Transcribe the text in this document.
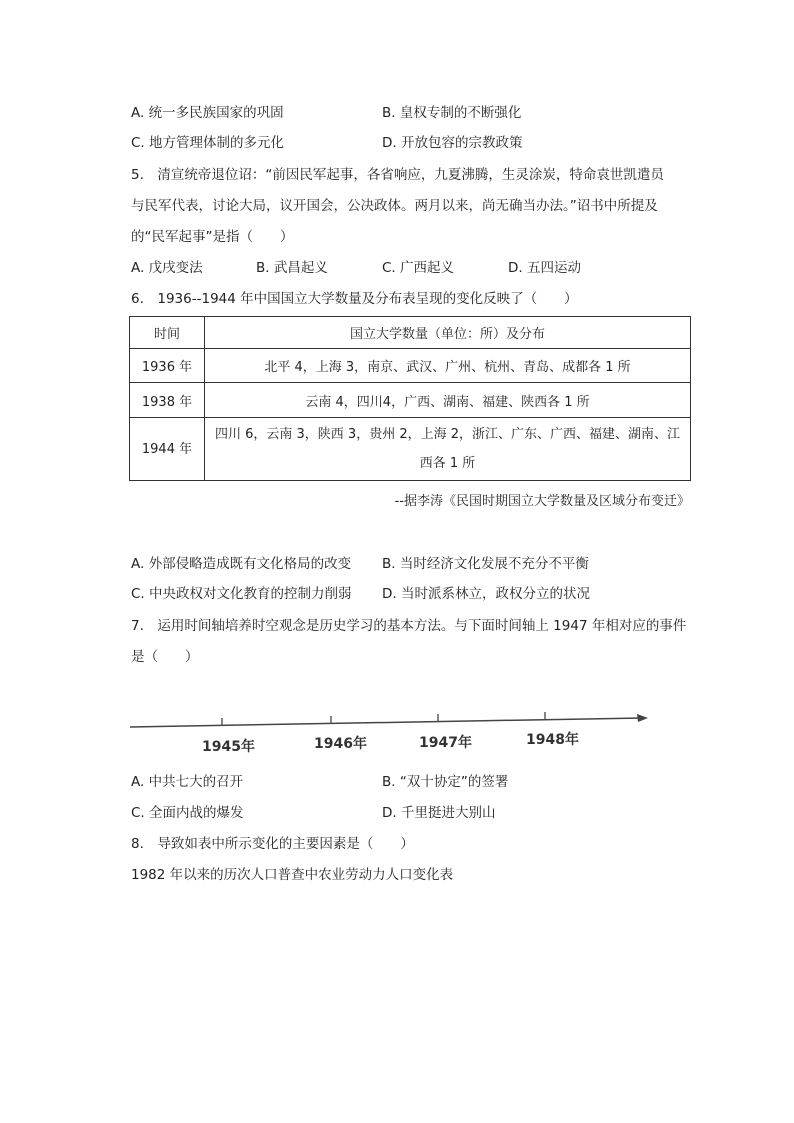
A. 统一多民族国家的巩固	B. 皇权专制的不断强化
C. 地方管理体制的多元化	D. 开放包容的宗教政策
5.　清宣统帝退位诏：“前因民军起事，各省响应，九夏沸腾，生灵涂炭，特命袁世凯遣员
与民军代表，讨论大局，议开国会，公决政体。两月以来，尚无确当办法。”诏书中所提及
的“民军起事”是指（　　）
A. 戊戌变法	B. 武昌起义	C. 广西起义	D. 五四运动
6.　1936--1944 年中国国立大学数量及分布表呈现的变化反映了（　　）
时间	国立大学数量（单位：所）及分布
1936 年	北平 4，上海 3，南京、武汉、广州、杭州、青岛、成都各 1 所
1938 年	云南 4，四川4，广西、湖南、福建、陕西各 1 所
1944 年	四川 6，云南 3，陕西 3，贵州 2，上海 2，浙江、广东、广西、福建、湖南、江
西各 1 所
--据李涛《民国时期国立大学数量及区域分布变迁》
A. 外部侵略造成既有文化格局的改变 B. 当时经济文化发展不充分不平衡
C. 中央政权对文化教育的控制力削弱 D. 当时派系林立，政权分立的状况
7.　运用时间轴培养时空观念是历史学习的基本方法。与下面时间轴上 1947 年相对应的事件
是（　　）
1945年	1946年	1947年	1948年
A. 中共七大的召开	B. “双十协定”的签署
C. 全面内战的爆发	D. 千里挺进大别山
8.　导致如表中所示变化的主要因素是（　　）
1982 年以来的历次人口普查中农业劳动力人口变化表
